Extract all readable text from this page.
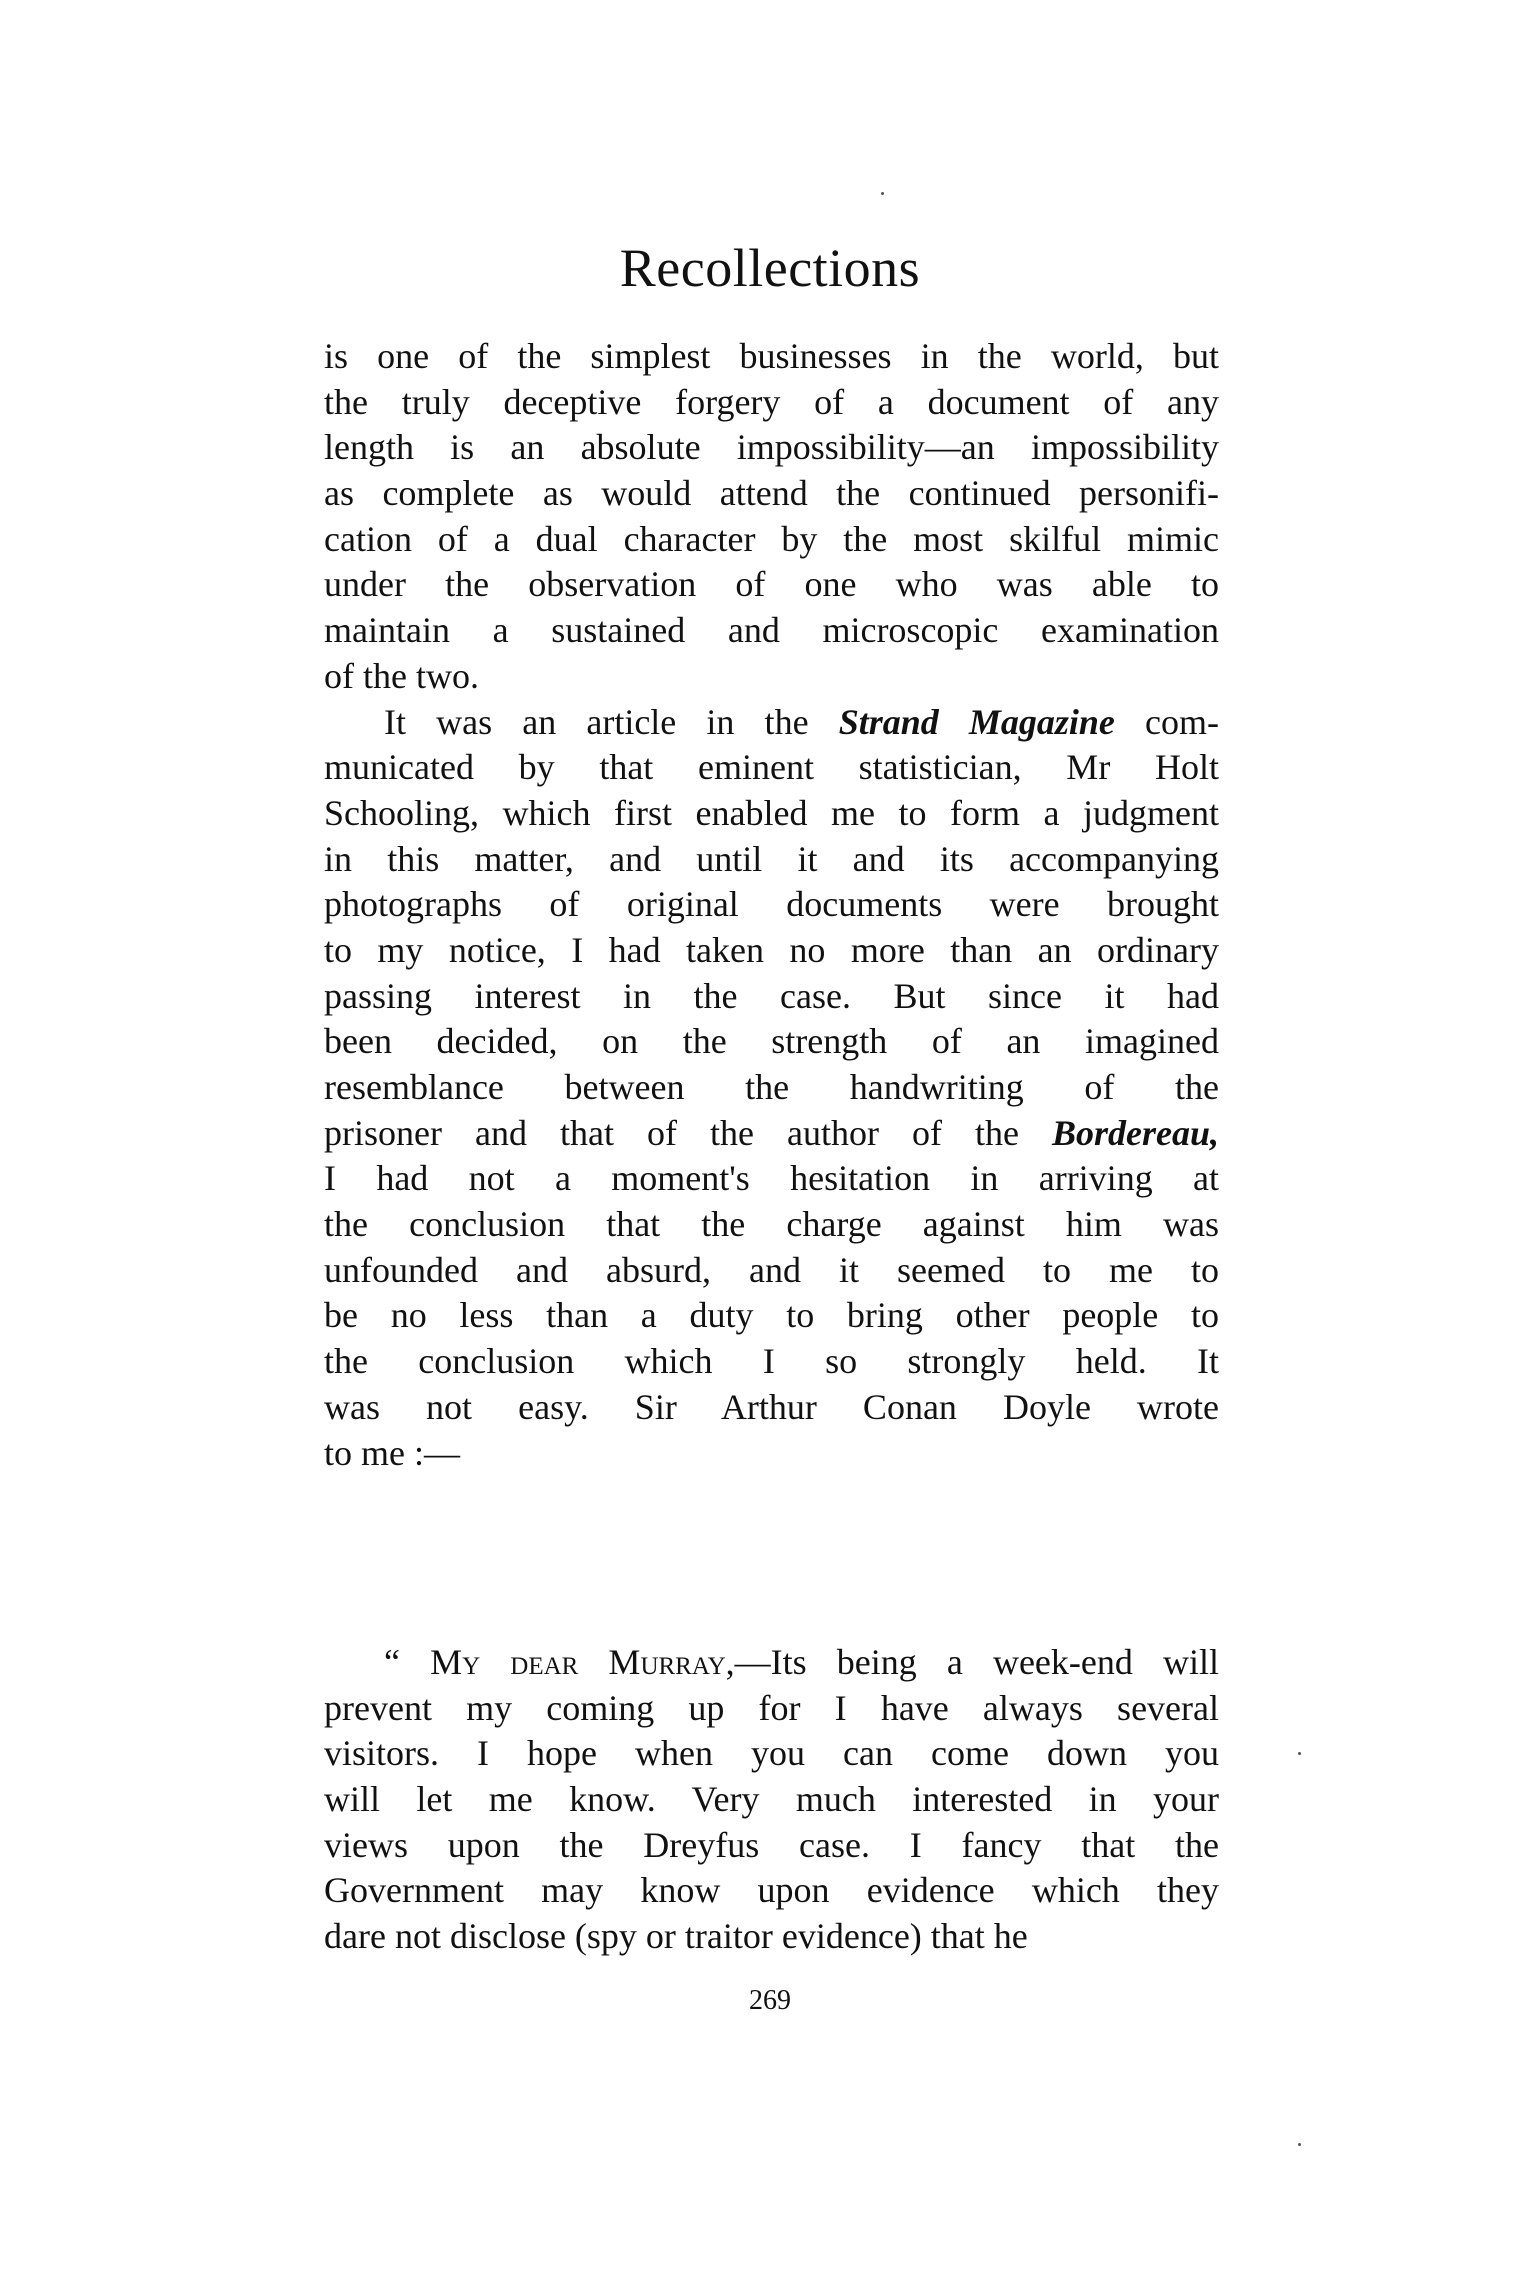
Recollections
is one of the simplest businesses in the world, but
the truly deceptive forgery of a document of any
length is an absolute impossibility—an impossibility
as complete as would attend the continued personifi-
cation of a dual character by the most skilful mimic
under the observation of one who was able to
maintain a sustained and microscopic examination
of the two.
It was an article in the Strand Magazine com-
municated by that eminent statistician, Mr Holt
Schooling, which first enabled me to form a judgment
in this matter, and until it and its accompanying
photographs of original documents were brought
to my notice, I had taken no more than an ordinary
passing interest in the case. But since it had
been decided, on the strength of an imagined
resemblance between the handwriting of the
prisoner and that of the author of the Bordereau,
I had not a moment's hesitation in arriving at
the conclusion that the charge against him was
unfounded and absurd, and it seemed to me to
be no less than a duty to bring other people to
the conclusion which I so strongly held. It
was not easy. Sir Arthur Conan Doyle wrote
to me :—
“ My dear Murray,—Its being a week-end will
prevent my coming up for I have always several
visitors. I hope when you can come down you
will let me know. Very much interested in your
views upon the Dreyfus case. I fancy that the
Government may know upon evidence which they
dare not disclose (spy or traitor evidence) that he
269
